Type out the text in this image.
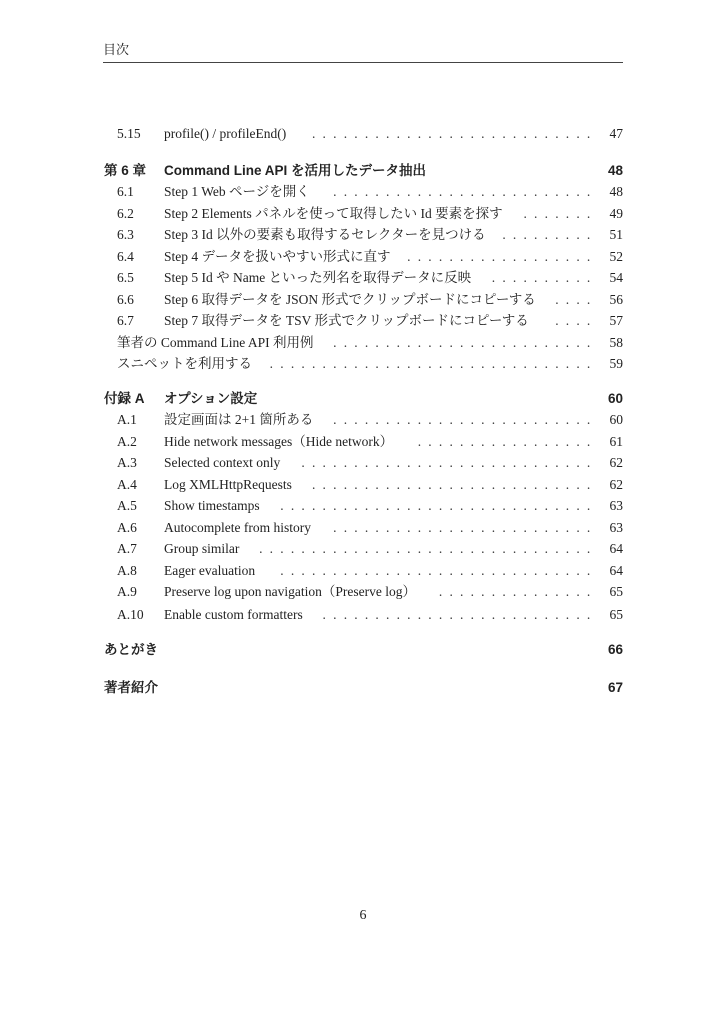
目次
5.15	profile() / profileEnd()	........................... 47
第 6 章	Command Line API を活用したデータ抽出	48
6.1	Step 1 Web ページを開く	......................... 48
6.2	Step 2 Elements パネルを使って取得したい Id 要素を探す	....... 49
6.3	Step 3 Id 以外の要素も取得するセレクターを見つける	......... 51
6.4	Step 4 データを扱いやすい形式に直す	.................. 52
6.5	Step 5 Id や Name といった列名を取得データに反映	.......... 54
6.6	Step 6 取得データを JSON 形式でクリップボードにコピーする	.... 56
6.7	Step 7 取得データを TSV 形式でクリップボードにコピーする	.... 57
筆者の Command Line API 利用例	......................... 58
スニペットを利用する	............................... 59
付録 A	オプション設定	60
A.1	設定画面は 2+1 箇所ある	......................... 60
A.2	Hide network messages（Hide network）	................. 61
A.3	Selected context only	............................ 62
A.4	Log XMLHttpRequests	........................... 62
A.5	Show timestamps	.............................. 63
A.6	Autocomplete from history	......................... 63
A.7	Group similar	................................ 64
A.8	Eager evaluation	.............................. 64
A.9	Preserve log upon navigation（Preserve log）	............... 65
A.10	Enable custom formatters	.......................... 65
あとがき	66
著者紹介	67
6
